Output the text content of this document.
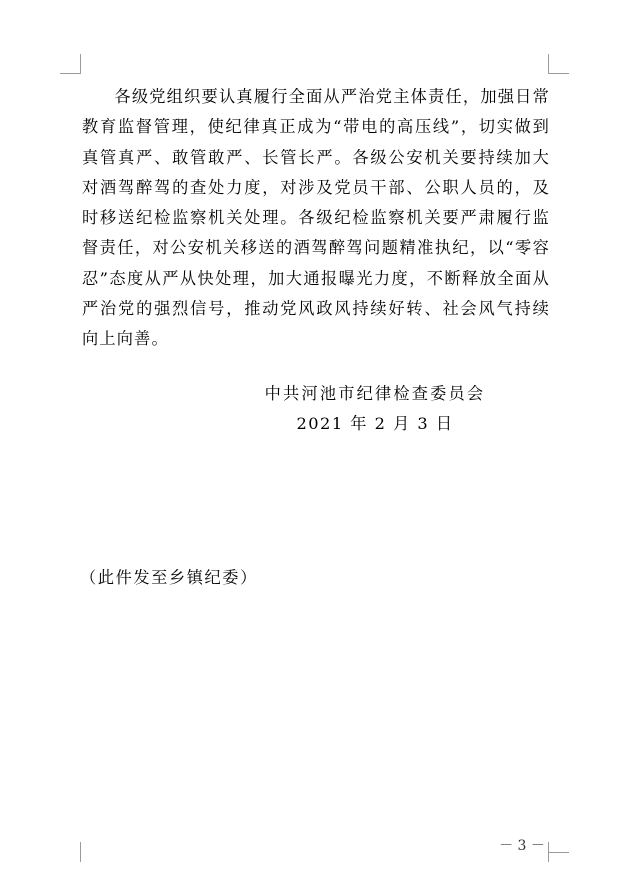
各级党组织要认真履行全面从严治党主体责任，加强日常教育监督管理，使纪律真正成为“带电的高压线”，切实做到真管真严、敢管敢严、长管长严。各级公安机关要持续加大对酒驾醉驾的查处力度，对涉及党员干部、公职人员的，及时移送纪检监察机关处理。各级纪检监察机关要严肃履行监督责任，对公安机关移送的酒驾醉驾问题精准执纪，以“零容忍”态度从严从快处理，加大通报曝光力度，不断释放全面从严治党的强烈信号，推动党风政风持续好转、社会风气持续向上向善。

中共河池市纪律检查委员会

2021 年 2 月 3 日

（此件发至乡镇纪委）

－ 3 －
